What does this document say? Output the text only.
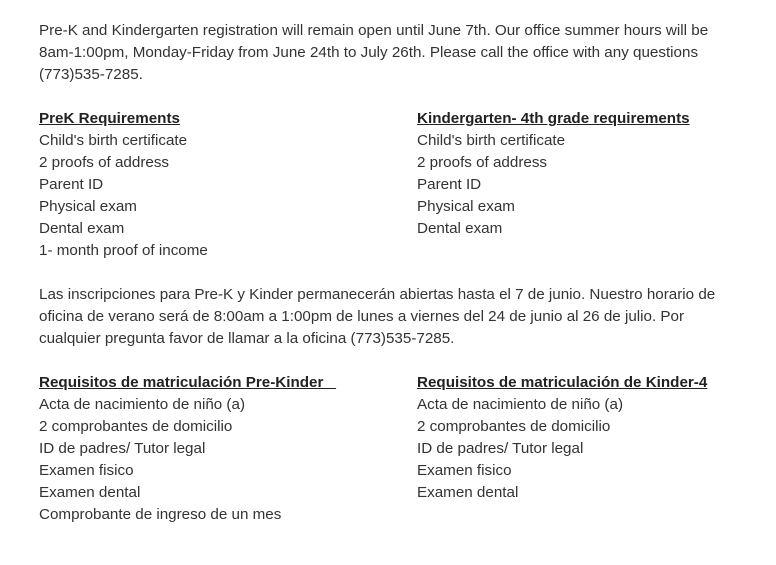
Pre-K and Kindergarten registration will remain open until June 7th. Our office summer hours will be 8am-1:00pm, Monday-Friday from June 24th to July 26th. Please call the office with any questions (773)535-7285.

PreK Requirements
Child's birth certificate
2 proofs of address
Parent ID
Physical exam
Dental exam
1- month proof of income
Kindergarten- 4th grade requirements
Child's birth certificate
2 proofs of address
Parent ID
Physical exam
Dental exam

Las inscripciones para Pre-K y Kinder permanecerán abiertas hasta el 7 de junio. Nuestro horario de oficina de verano será de 8:00am a 1:00pm de lunes a viernes del 24 de junio al 26 de julio. Por cualquier pregunta favor de llamar a la oficina (773)535-7285.

Requisitos de matriculación Pre-Kinder
Acta de nacimiento de niño (a)
2 comprobantes de domicilio
ID de padres/ Tutor legal
Examen fisico
Examen dental
Comprobante de ingreso de un mes
Requisitos de matriculación de Kinder-4
Acta de nacimiento de niño (a)
2 comprobantes de domicilio
ID de padres/ Tutor legal
Examen fisico
Examen dental
